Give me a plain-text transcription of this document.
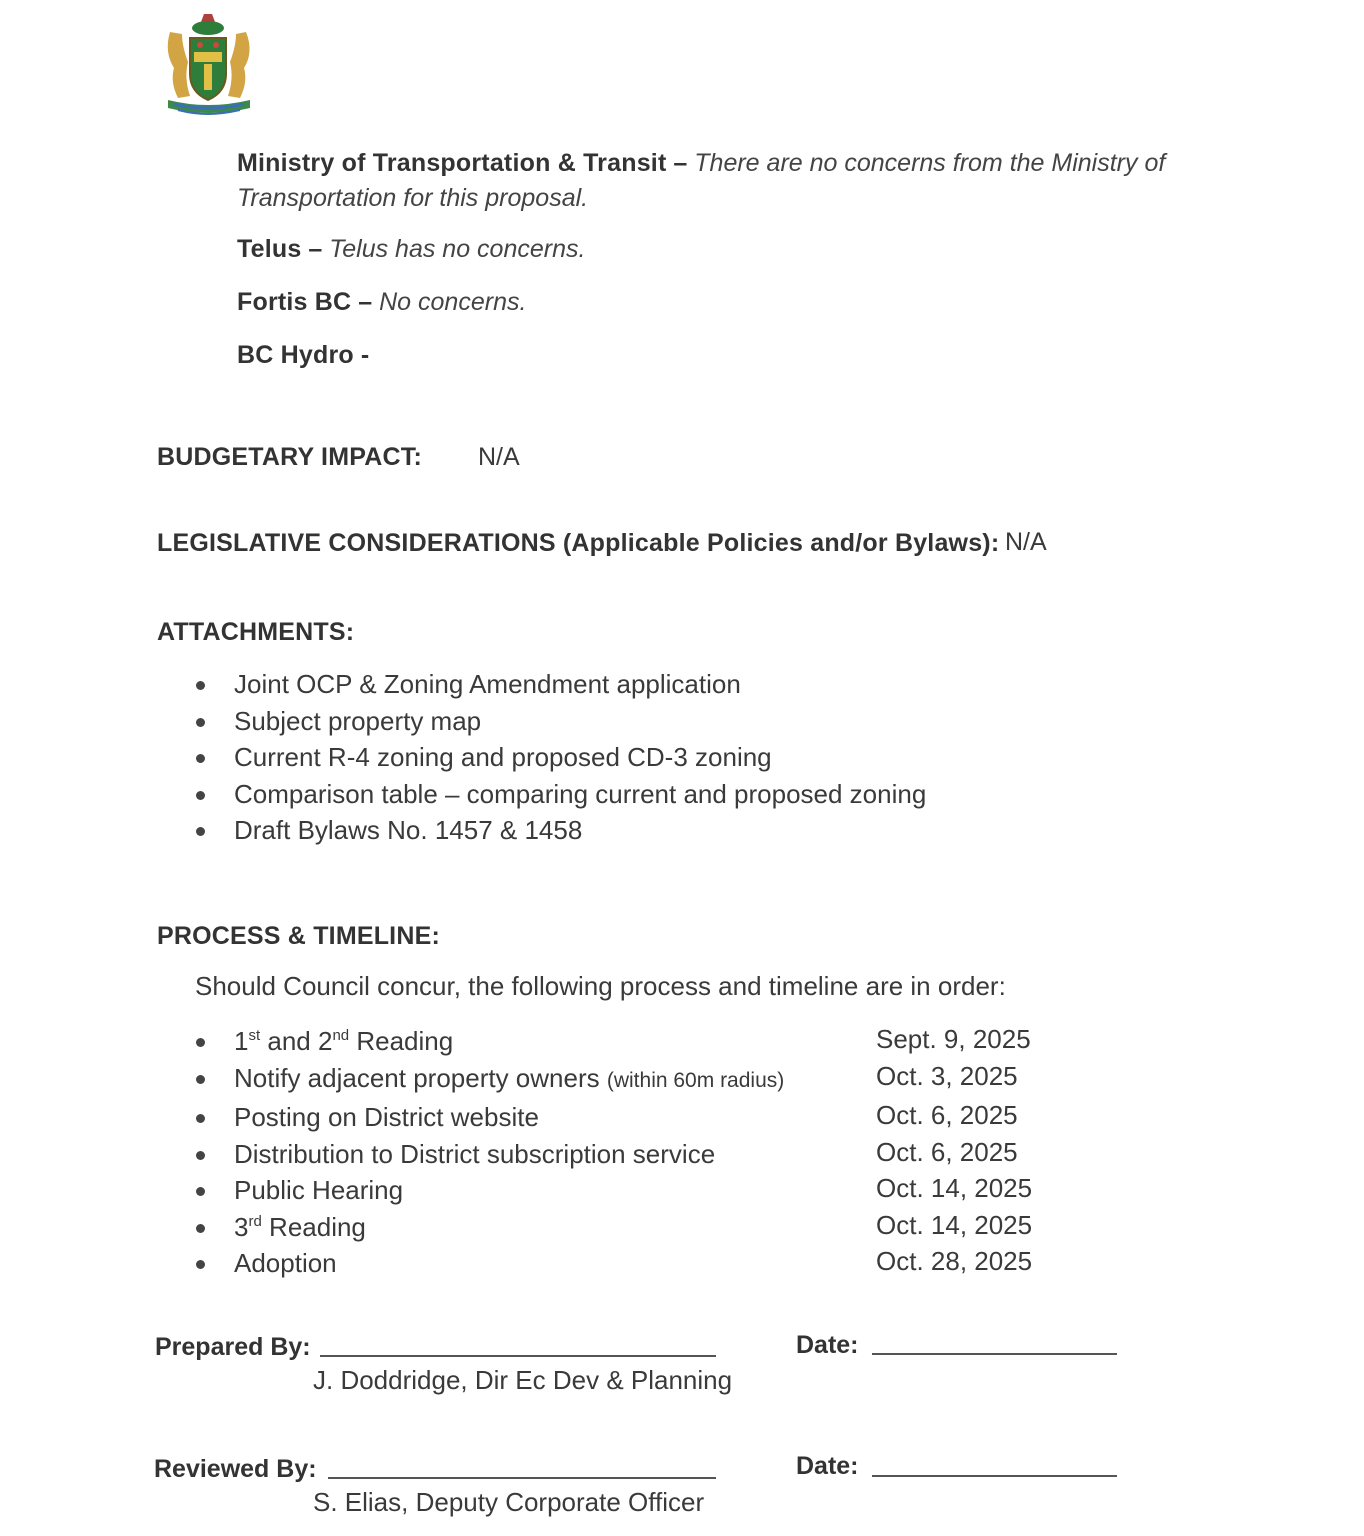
Ministry of Transportation & Transit – There are no concerns from the Ministry of
Transportation for this proposal.
Telus – Telus has no concerns.
Fortis BC – No concerns.
BC Hydro -
BUDGETARY IMPACT: N/A
LEGISLATIVE CONSIDERATIONS (Applicable Policies and/or Bylaws): N/A
ATTACHMENTS:
Joint OCP & Zoning Amendment application
Subject property map
Current R-4 zoning and proposed CD-3 zoning
Comparison table – comparing current and proposed zoning
Draft Bylaws No. 1457 & 1458
PROCESS & TIMELINE:
Should Council concur, the following process and timeline are in order:
1st and 2nd Reading	Sept. 9, 2025
Notify adjacent property owners (within 60m radius)	Oct. 3, 2025
Posting on District website	Oct. 6, 2025
Distribution to District subscription service	Oct. 6, 2025
Public Hearing	Oct. 14, 2025
3rd Reading	Oct. 14, 2025
Adoption	Oct. 28, 2025
Prepared By:
J. Doddridge, Dir Ec Dev & Planning
Date:
Reviewed By:
S. Elias, Deputy Corporate Officer
Date:
